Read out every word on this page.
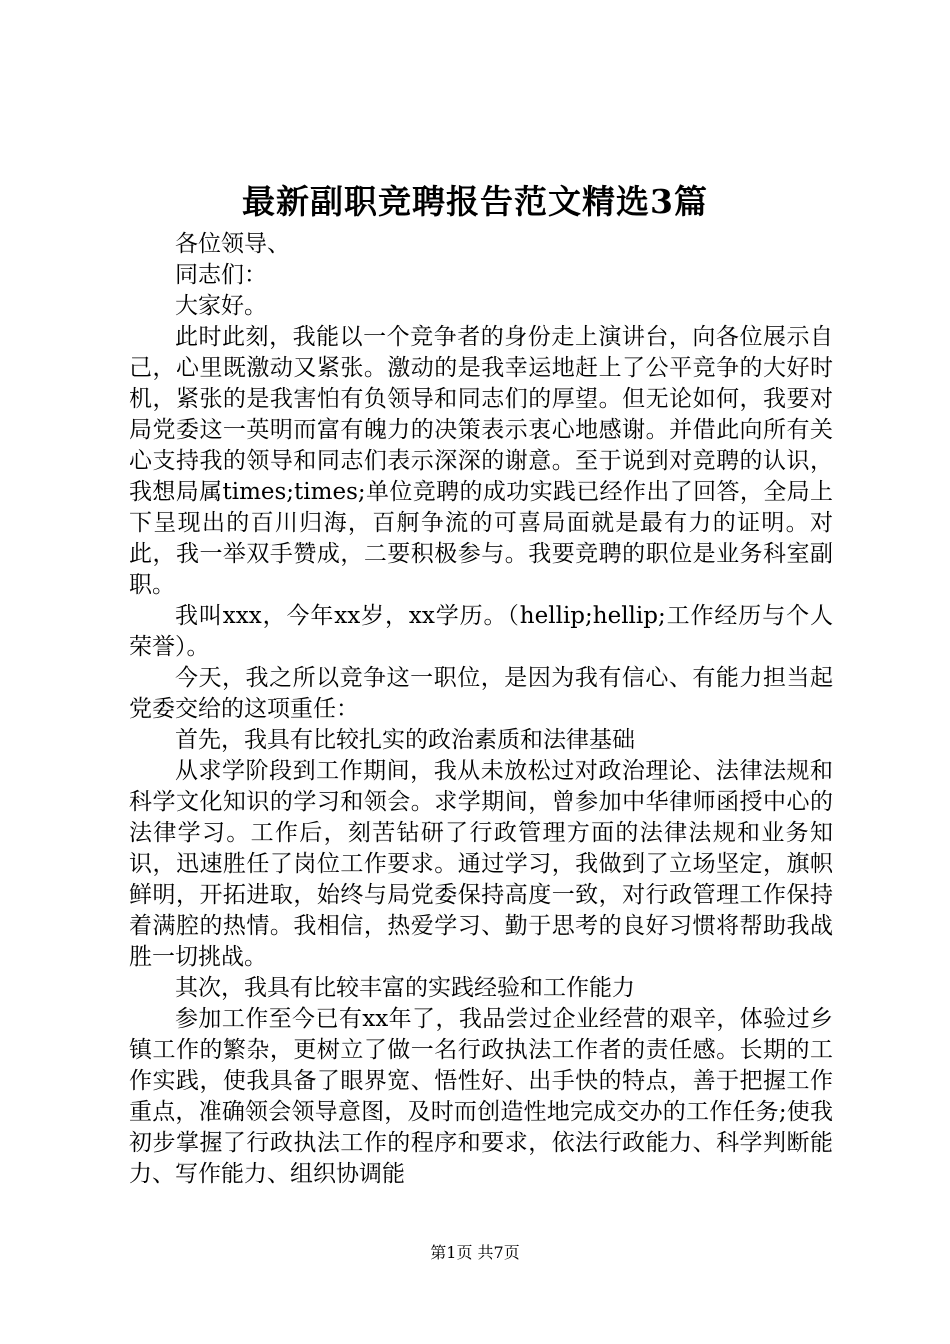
最新副职竞聘报告范文精选3篇

各位领导、

同志们：

大家好。

此时此刻，我能以一个竞争者的身份走上演讲台，向各位展示自己，心里既激动又紧张。激动的是我幸运地赶上了公平竞争的大好时机，紧张的是我害怕有负领导和同志们的厚望。但无论如何，我要对局党委这一英明而富有魄力的决策表示衷心地感谢。并借此向所有关心支持我的领导和同志们表示深深的谢意。至于说到对竞聘的认识，我想局属times;times;单位竞聘的成功实践已经作出了回答，全局上下呈现出的百川归海，百舸争流的可喜局面就是最有力的证明。对此，我一举双手赞成，二要积极参与。我要竞聘的职位是业务科室副职。

我叫xxx，今年xx岁，xx学历。（hellip;hellip;工作经历与个人荣誉）。

今天，我之所以竞争这一职位，是因为我有信心、有能力担当起党委交给的这项重任：

首先，我具有比较扎实的政治素质和法律基础

从求学阶段到工作期间，我从未放松过对政治理论、法律法规和科学文化知识的学习和领会。求学期间，曾参加中华律师函授中心的法律学习。工作后，刻苦钻研了行政管理方面的法律法规和业务知识，迅速胜任了岗位工作要求。通过学习，我做到了立场坚定，旗帜鲜明，开拓进取，始终与局党委保持高度一致，对行政管理工作保持着满腔的热情。我相信，热爱学习、勤于思考的良好习惯将帮助我战胜一切挑战。

其次，我具有比较丰富的实践经验和工作能力

参加工作至今已有xx年了，我品尝过企业经营的艰辛，体验过乡镇工作的繁杂，更树立了做一名行政执法工作者的责任感。长期的工作实践，使我具备了眼界宽、悟性好、出手快的特点，善于把握工作重点，准确领会领导意图，及时而创造性地完成交办的工作任务;使我初步掌握了行政执法工作的程序和要求，依法行政能力、科学判断能力、写作能力、组织协调能

第1页 共7页
